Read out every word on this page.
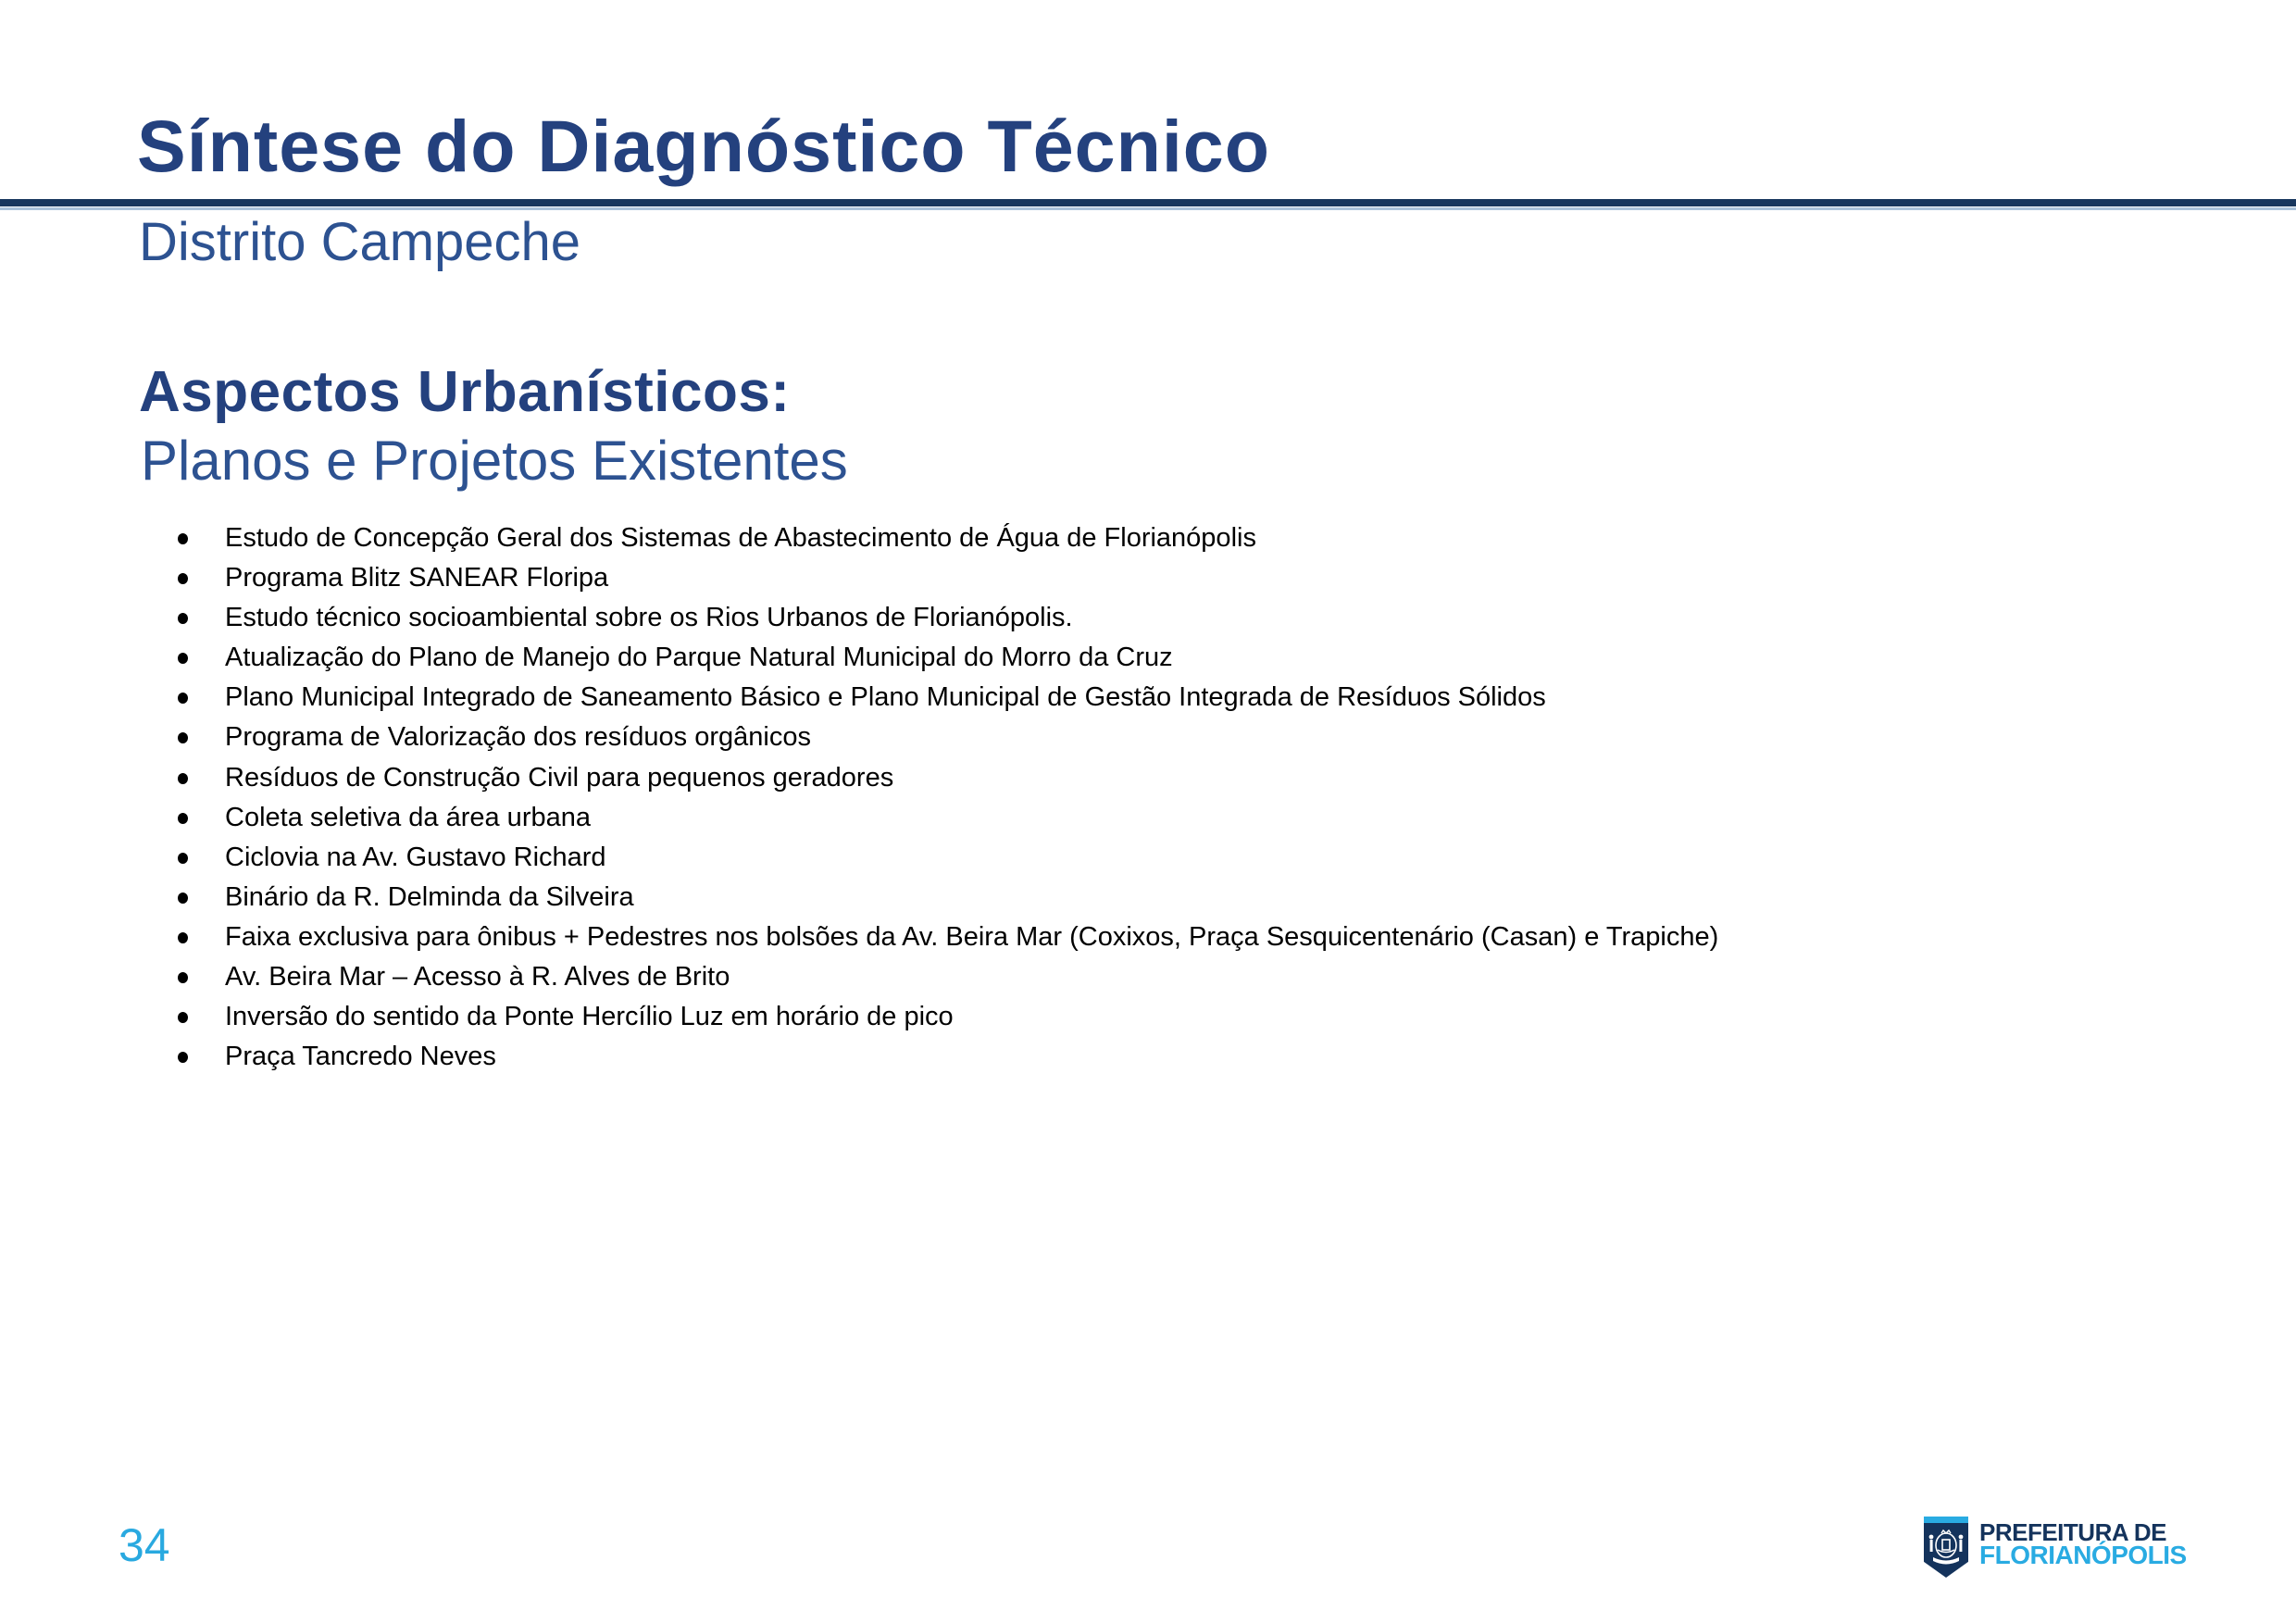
Síntese do Diagnóstico Técnico
Distrito Campeche
Aspectos Urbanísticos:
Planos e Projetos Existentes
Estudo de Concepção Geral dos Sistemas de Abastecimento de Água de Florianópolis
Programa Blitz SANEAR Floripa
Estudo técnico socioambiental sobre os Rios Urbanos de Florianópolis.
Atualização do Plano de Manejo do Parque Natural Municipal do Morro da Cruz
Plano Municipal Integrado de Saneamento Básico e Plano Municipal de Gestão Integrada de Resíduos Sólidos
Programa de Valorização dos resíduos orgânicos
Resíduos de Construção Civil para pequenos geradores
Coleta seletiva da área urbana
Ciclovia na Av. Gustavo Richard
Binário da R. Delminda da Silveira
Faixa exclusiva para ônibus + Pedestres nos bolsões da Av. Beira Mar (Coxixos, Praça Sesquicentenário (Casan) e Trapiche)
Av. Beira Mar – Acesso à R. Alves de Brito
Inversão do sentido da Ponte Hercílio Luz em horário de pico
Praça Tancredo Neves
34	PREFEITURA DE
FLORIANÓPOLIS
